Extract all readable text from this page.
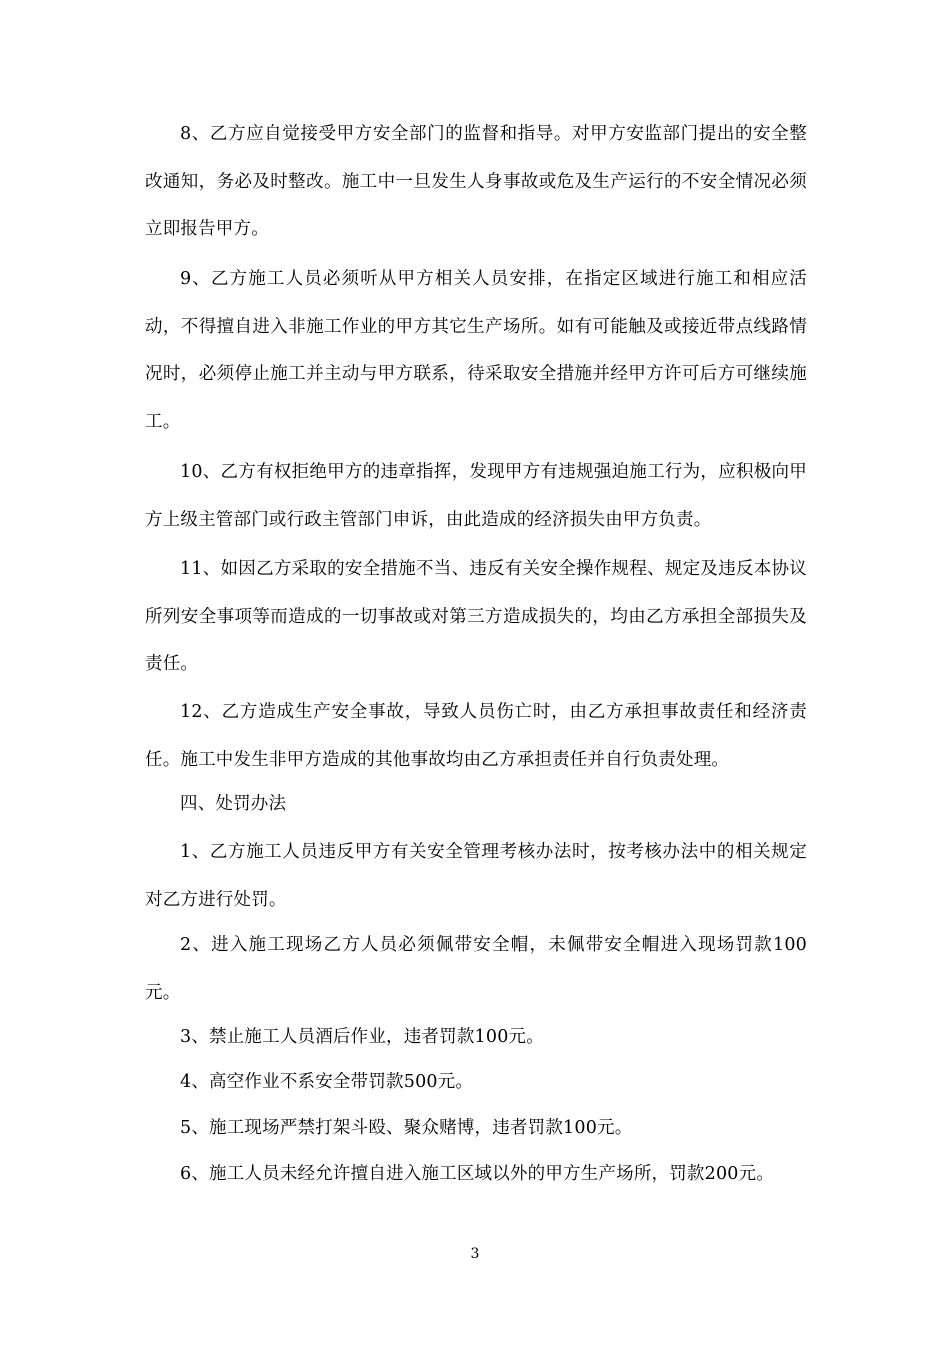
8、乙方应自觉接受甲方安全部门的监督和指导。对甲方安监部门提出的安全整改通知，务必及时整改。施工中一旦发生人身事故或危及生产运行的不安全情况必须立即报告甲方。

9、乙方施工人员必须听从甲方相关人员安排，在指定区域进行施工和相应活动，不得擅自进入非施工作业的甲方其它生产场所。如有可能触及或接近带点线路情况时，必须停止施工并主动与甲方联系，待采取安全措施并经甲方许可后方可继续施工。

10、乙方有权拒绝甲方的违章指挥，发现甲方有违规强迫施工行为，应积极向甲方上级主管部门或行政主管部门申诉，由此造成的经济损失由甲方负责。

11、如因乙方采取的安全措施不当、违反有关安全操作规程、规定及违反本协议所列安全事项等而造成的一切事故或对第三方造成损失的，均由乙方承担全部损失及责任。

12、乙方造成生产安全事故，导致人员伤亡时，由乙方承担事故责任和经济责任。施工中发生非甲方造成的其他事故均由乙方承担责任并自行负责处理。

四、处罚办法

1、乙方施工人员违反甲方有关安全管理考核办法时，按考核办法中的相关规定对乙方进行处罚。

2、进入施工现场乙方人员必须佩带安全帽，未佩带安全帽进入现场罚款100元。

3、禁止施工人员酒后作业，违者罚款100元。

4、高空作业不系安全带罚款500元。

5、施工现场严禁打架斗殴、聚众赌博，违者罚款100元。

6、施工人员未经允许擅自进入施工区域以外的甲方生产场所，罚款200元。

3
